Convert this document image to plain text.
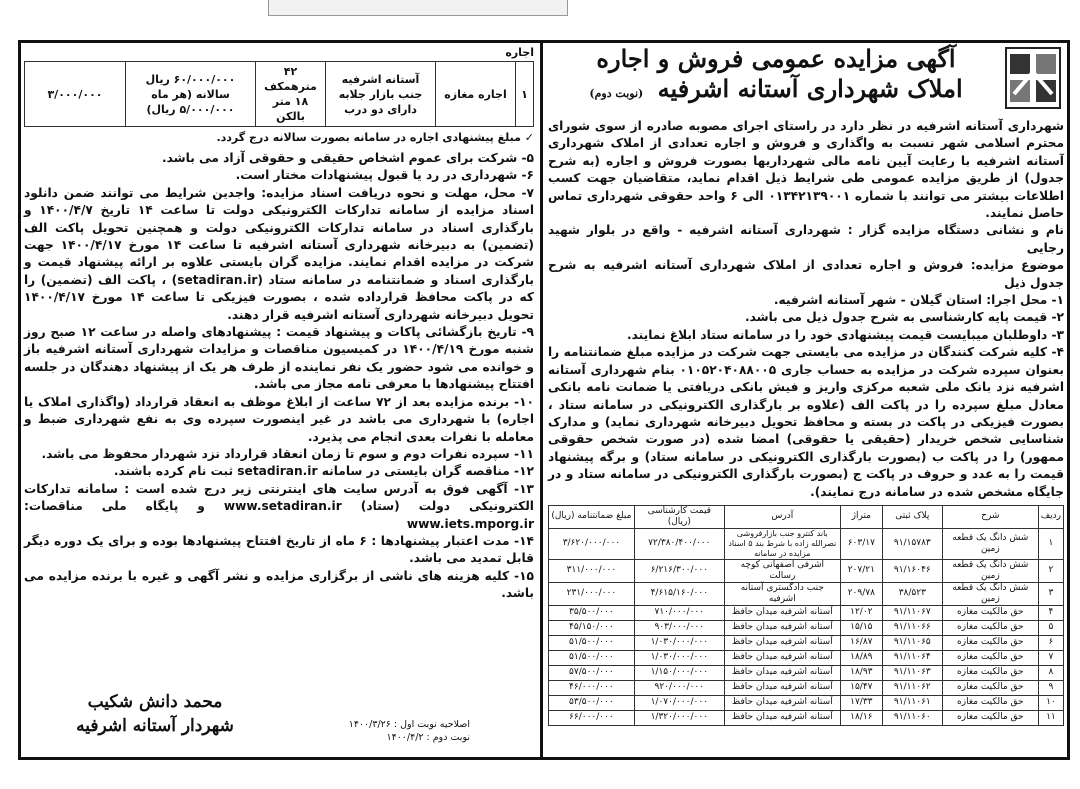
آگهی مزایده عمومی فروش و اجاره
املاک شهرداری آستانه اشرفیه (نوبت دوم)
شهرداری آستانه اشرفیه در نظر دارد در راستای اجرای مصوبه صادره از سوی شورای محترم اسلامی شهر نسبت به واگذاری و فروش و اجاره تعدادی از املاک شهرداری آستانه اشرفیه با رعایت آیین نامه مالی شهرداریها بصورت فروش و اجاره (به شرح جدول) از طریق مزایده عمومی طی شرایط ذیل اقدام نماید، متقاضیان جهت کسب اطلاعات بیشتر می توانند با شماره ۰۱۳۴۲۱۳۹۰۰۱ الی ۶ واحد حقوقی شهرداری تماس حاصل نمایند.
نام و نشانی دستگاه مزایده گزار : شهرداری آستانه اشرفیه - واقع در بلوار شهید رجایی
موضوع مزایده: فروش و اجاره تعدادی از املاک شهرداری آستانه اشرفیه به شرح جدول ذیل
۱- محل اجرا: استان گیلان - شهر آستانه اشرفیه.
۲- قیمت پایه کارشناسی به شرح جدول ذیل می باشد.
۳- داوطلبان میبایست قیمت پیشنهادی خود را در سامانه ستاد ابلاغ نمایند.
۴- کلیه شرکت کنندگان در مزایده می بایستی جهت شرکت در مزایده مبلغ ضمانتنامه را بعنوان سپرده شرکت در مزایده به حساب جاری ۰۱۰۵۲۰۴۰۸۸۰۰۵ بنام شهرداری آستانه اشرفیه نزد بانک ملی شعبه مرکزی واریز و فیش بانکی دریافتی یا ضمانت نامه بانکی معادل مبلغ سپرده را در پاکت الف (علاوه بر بارگذاری الکترونیکی در سامانه ستاد ، بصورت فیزیکی در پاکت در بسته و محافظ تحویل دبیرخانه شهرداری نماید) و مدارک شناسایی شخص خریدار (حقیقی یا حقوقی) امضا شده (در صورت شخص حقوقی ممهور) را در پاکت ب (بصورت بارگذاری الکترونیکی در سامانه ستاد) و برگه پیشنهاد قیمت را به عدد و حروف در پاکت ج (بصورت بارگذاری الکترونیکی در سامانه ستاد و در جایگاه مشخص شده در سامانه درج نمایند).
ردیف	شرح	پلاک ثبتی	متراژ	آدرس	قیمت کارشناسی (ریال)	مبلغ ضمانتنامه (ریال)
۱	شش دانگ یک قطعه زمین	۹۱/۱۵۷۸۳	۶۰۳/۱۷	باند کنترو جنب بازارفروشی نصرالله زاده با شرط بند ۵ اسناد مزایده در سامانه	۷۲/۳۸۰/۴۰۰/۰۰۰	۳/۶۲۰/۰۰۰/۰۰۰
۲	شش دانگ یک قطعه زمین	۹۱/۱۶۰۴۶	۲۰۷/۲۱	اشرفی اصفهانی کوچه رسالت	۶/۲۱۶/۳۰۰/۰۰۰	۳۱۱/۰۰۰/۰۰۰
۳	شش دانگ یک قطعه زمین	۳۸/۵۲۳	۲۰۹/۷۸	جنب دادگستری آستانه اشرفیه	۴/۶۱۵/۱۶۰/۰۰۰	۲۳۱/۰۰۰/۰۰۰
۴	حق مالکیت مغازه	۹۱/۱۱۰۶۷	۱۲/۰۲	آستانه اشرفیه میدان حافظ	۷۱۰/۰۰۰/۰۰۰	۳۵/۵۰۰/۰۰۰
۵	حق مالکیت مغازه	۹۱/۱۱۰۶۶	۱۵/۱۵	آستانه اشرفیه میدان حافظ	۹۰۳/۰۰۰/۰۰۰	۴۵/۱۵۰/۰۰۰
۶	حق مالکیت مغازه	۹۱/۱۱۰۶۵	۱۶/۸۷	آستانه اشرفیه میدان حافظ	۱/۰۳۰/۰۰۰/۰۰۰	۵۱/۵۰۰/۰۰۰
۷	حق مالکیت مغازه	۹۱/۱۱۰۶۴	۱۸/۸۹	آستانه اشرفیه میدان حافظ	۱/۰۳۰/۰۰۰/۰۰۰	۵۱/۵۰۰/۰۰۰
۸	حق مالکیت مغازه	۹۱/۱۱۰۶۳	۱۸/۹۳	آستانه اشرفیه میدان حافظ	۱/۱۵۰/۰۰۰/۰۰۰	۵۷/۵۰۰/۰۰۰
۹	حق مالکیت مغازه	۹۱/۱۱۰۶۲	۱۵/۴۷	آستانه اشرفیه میدان حافظ	۹۲۰/۰۰۰/۰۰۰	۴۶/۰۰۰/۰۰۰
۱۰	حق مالکیت مغازه	۹۱/۱۱۰۶۱	۱۷/۳۳	آستانه اشرفیه میدان حافظ	۱/۰۷۰/۰۰۰/۰۰۰	۵۳/۵۰۰/۰۰۰
۱۱	حق مالکیت مغازه	۹۱/۱۱۰۶۰	۱۸/۱۶	آستانه اشرفیه میدان حافظ	۱/۳۲۰/۰۰۰/۰۰۰	۶۶/۰۰۰/۰۰۰
اجاره
۱	اجاره مغازه	آستانه اشرفیه جنب بازار جلابه دارای دو درب	۴۲ مترهمکف ۱۸ متر بالکن	۶۰/۰۰۰/۰۰۰ ریال سالانه (هر ماه ۵/۰۰۰/۰۰۰ ریال)	۳/۰۰۰/۰۰۰
✓ مبلغ پیشنهادی اجاره در سامانه بصورت سالانه درج گردد.
۵- شرکت برای عموم اشخاص حقیقی و حقوقی آزاد می باشد.
۶- شهرداری در رد یا قبول پیشنهادات مختار است.
۷- محل، مهلت و نحوه دریافت اسناد مزایده: واجدین شرایط می توانند ضمن دانلود اسناد مزایده از سامانه تدارکات الکترونیکی دولت تا ساعت ۱۴ تاریخ ۱۴۰۰/۴/۷ و بارگذاری اسناد در سامانه تدارکات الکترونیکی دولت و همچنین تحویل پاکت الف (تضمین) به دبیرخانه شهرداری آستانه اشرفیه تا ساعت ۱۴ مورخ ۱۴۰۰/۴/۱۷ جهت شرکت در مزایده اقدام نمایند. مزایده گران بایستی علاوه بر ارائه پیشنهاد قیمت و بارگذاری اسناد و ضمانتنامه در سامانه ستاد (setadiran.ir) ، پاکت الف (تضمین) را که در پاکت محافظ قرارداده شده ، بصورت فیزیکی تا ساعت ۱۴ مورخ ۱۴۰۰/۴/۱۷ تحویل دبیرخانه شهرداری آستانه اشرفیه قرار دهند.
۹- تاریخ بازگشائی پاکات و پیشنهاد قیمت : پیشنهادهای واصله در ساعت ۱۲ صبح روز شنبه مورخ ۱۴۰۰/۴/۱۹ در کمیسیون مناقصات و مزایدات شهرداری آستانه اشرفیه باز و خوانده می شود حضور یک نفر نماینده از طرف هر یک از پیشنهاد دهندگان در جلسه افتتاح پیشنهادها با معرفی نامه مجاز می باشد.
۱۰- برنده مزایده بعد از ۷۲ ساعت از ابلاغ موظف به انعقاد قرارداد (واگذاری املاک یا اجاره) با شهرداری می باشد در غیر اینصورت سپرده وی به نفع شهرداری ضبط و معامله با نفرات بعدی انجام می پذیرد.
۱۱- سپرده نفرات دوم و سوم تا زمان انعقاد قرارداد نزد شهردار محفوظ می باشد.
۱۲- مناقصه گران بایستی در سامانه setadiran.ir ثبت نام کرده باشند.
۱۳- آگهی فوق به آدرس سایت های اینترنتی زیر درج شده است : سامانه تدارکات الکترونیکی دولت (ستاد) www.setadiran.ir و پایگاه ملی مناقصات: www.iets.mporg.ir
۱۴- مدت اعتبار پیشنهادها : ۶ ماه از تاریخ افتتاح پیشنهادها بوده و برای یک دوره دیگر قابل تمدید می باشد.
۱۵- کلیه هزینه های ناشی از برگزاری مزایده و نشر آگهی و غیره با برنده مزایده می باشد.
محمد دانش شکیب
شهردار آستانه اشرفیه	اصلاحیه نوبت اول : ۱۴۰۰/۳/۲۶
نوبت دوم : ۱۴۰۰/۴/۲
